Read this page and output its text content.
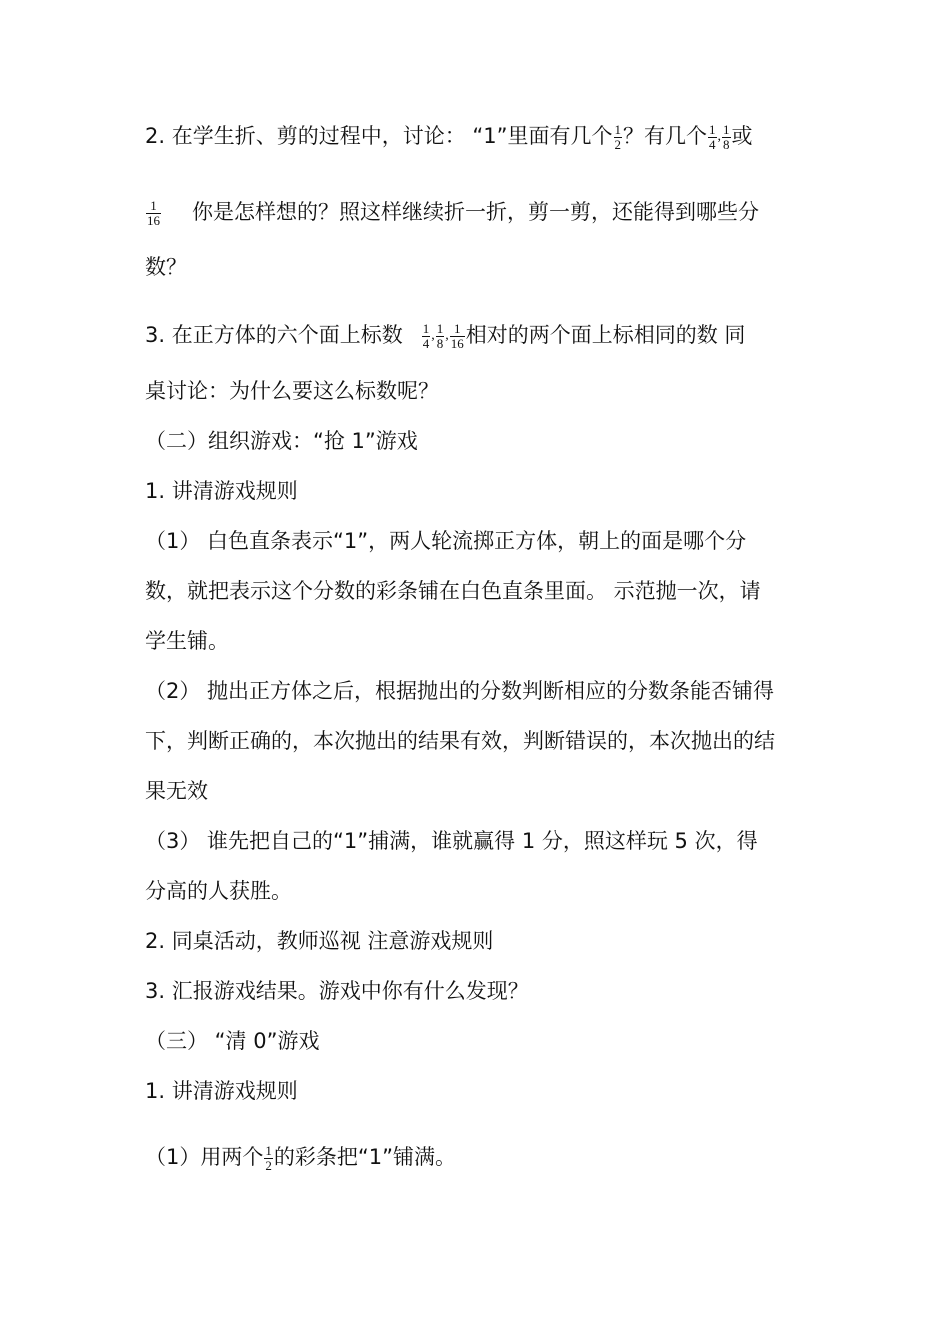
2. 在学生折、剪的过程中，讨论： “1”里面有几个 $\frac{1}{2}$ ？有几个 $\frac{1}{4}$ , $\frac{1}{8}$ 或
$\frac{1}{16}$ 你是怎样想的？照这样继续折一折，剪一剪，还能得到哪些分
数？
3. 在正方体的六个面上标数 $\frac{1}{4}$ , $\frac{1}{8}$ , $\frac{1}{16}$ 相对的两个面上标相同的数 同
桌讨论：为什么要这么标数呢？
（二）组织游戏：“抢 1”游戏
1. 讲清游戏规则
（1） 白色直条表示“1”，两人轮流掷正方体，朝上的面是哪个分
数，就把表示这个分数的彩条铺在白色直条里面。 示范抛一次，请
学生铺。
（2） 抛出正方体之后，根据抛出的分数判断相应的分数条能否铺得
下，判断正确的，本次抛出的结果有效，判断错误的，本次抛出的结
果无效
（3） 谁先把自己的“1”捕满，谁就赢得 1 分，照这样玩 5 次，得
分高的人获胜。
2. 同桌活动，教师巡视 注意游戏规则
3. 汇报游戏结果。游戏中你有什么发现？
（三） “清 0”游戏
1. 讲清游戏规则
（1）用两个 $\frac{1}{2}$ 的彩条把“1”铺满。
